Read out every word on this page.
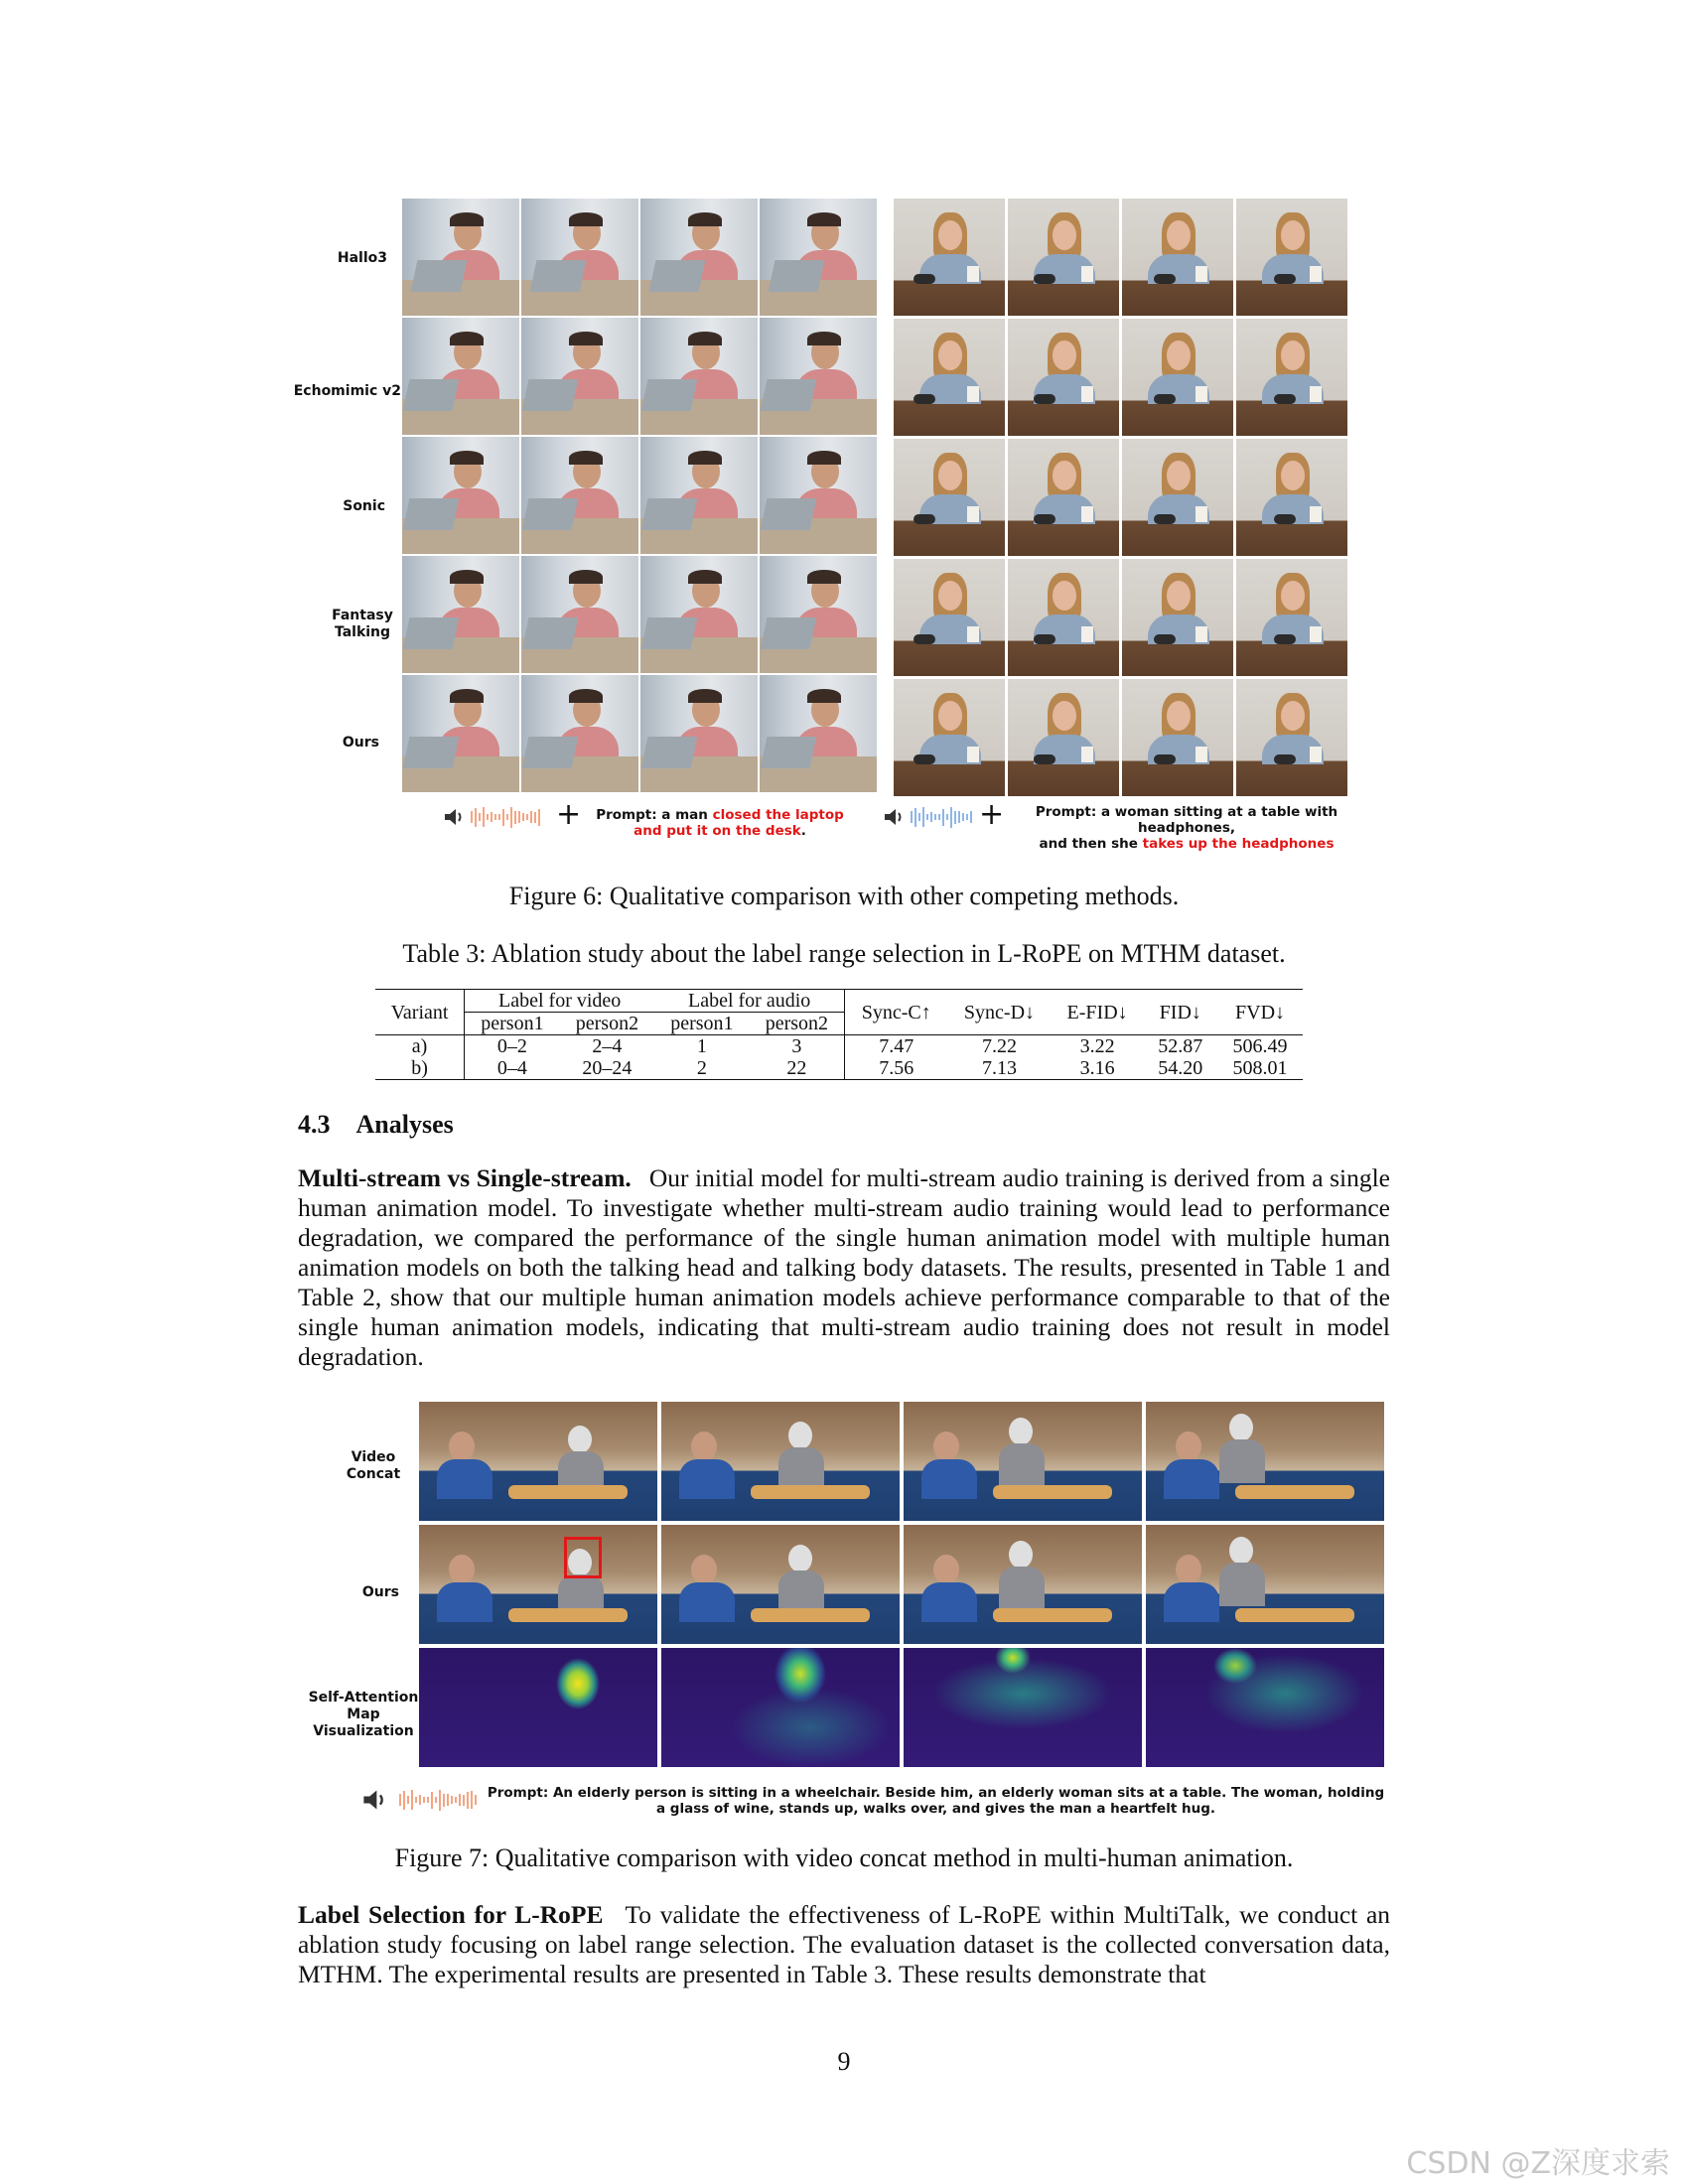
Hallo3
Echomimic v2
Sonic
Fantasy
Talking
Ours
+ Prompt: a man closed the laptop
and put it on the desk.	+	Prompt: a woman sitting at a table with headphones,
and then she takes up the headphones
Figure 6: Qualitative comparison with other competing methods.
Table 3: Ablation study about the label range selection in L-RoPE on MTHM dataset.
Variant	Label for video		Label for audio		Sync-C↑	Sync-D↓	E-FID↓	FID↓	FVD↓
	person1	person2	person1	person2					
a)	0–2	2–4	1	3	7.47	7.22	3.22	52.87	506.49
b)	0–4	20–24	2	22	7.56	7.13	3.16	54.20	508.01
4.3 Analyses
Multi-stream vs Single-stream. Our initial model for multi-stream audio training is derived from a single human animation model. To investigate whether multi-stream audio training would lead to performance degradation, we compared the performance of the single human animation model with multiple human animation models on both the talking head and talking body datasets. The results, presented in Table 1 and Table 2, show that our multiple human animation models achieve performance comparable to that of the single human animation models, indicating that multi-stream audio training does not result in model degradation.
Video
Concat
Ours
Self-Attention
Map
Visualization
Prompt: An elderly person is sitting in a wheelchair. Beside him, an elderly woman sits at a table. The woman, holding a glass of wine, stands up, walks over, and gives the man a heartfelt hug.
Figure 7: Qualitative comparison with video concat method in multi-human animation.
Label Selection for L-RoPE To validate the effectiveness of L-RoPE within MultiTalk, we conduct an ablation study focusing on label range selection. The evaluation dataset is the collected conversation data, MTHM. The experimental results are presented in Table 3. These results demonstrate that
9
CSDN @Z深度求索
